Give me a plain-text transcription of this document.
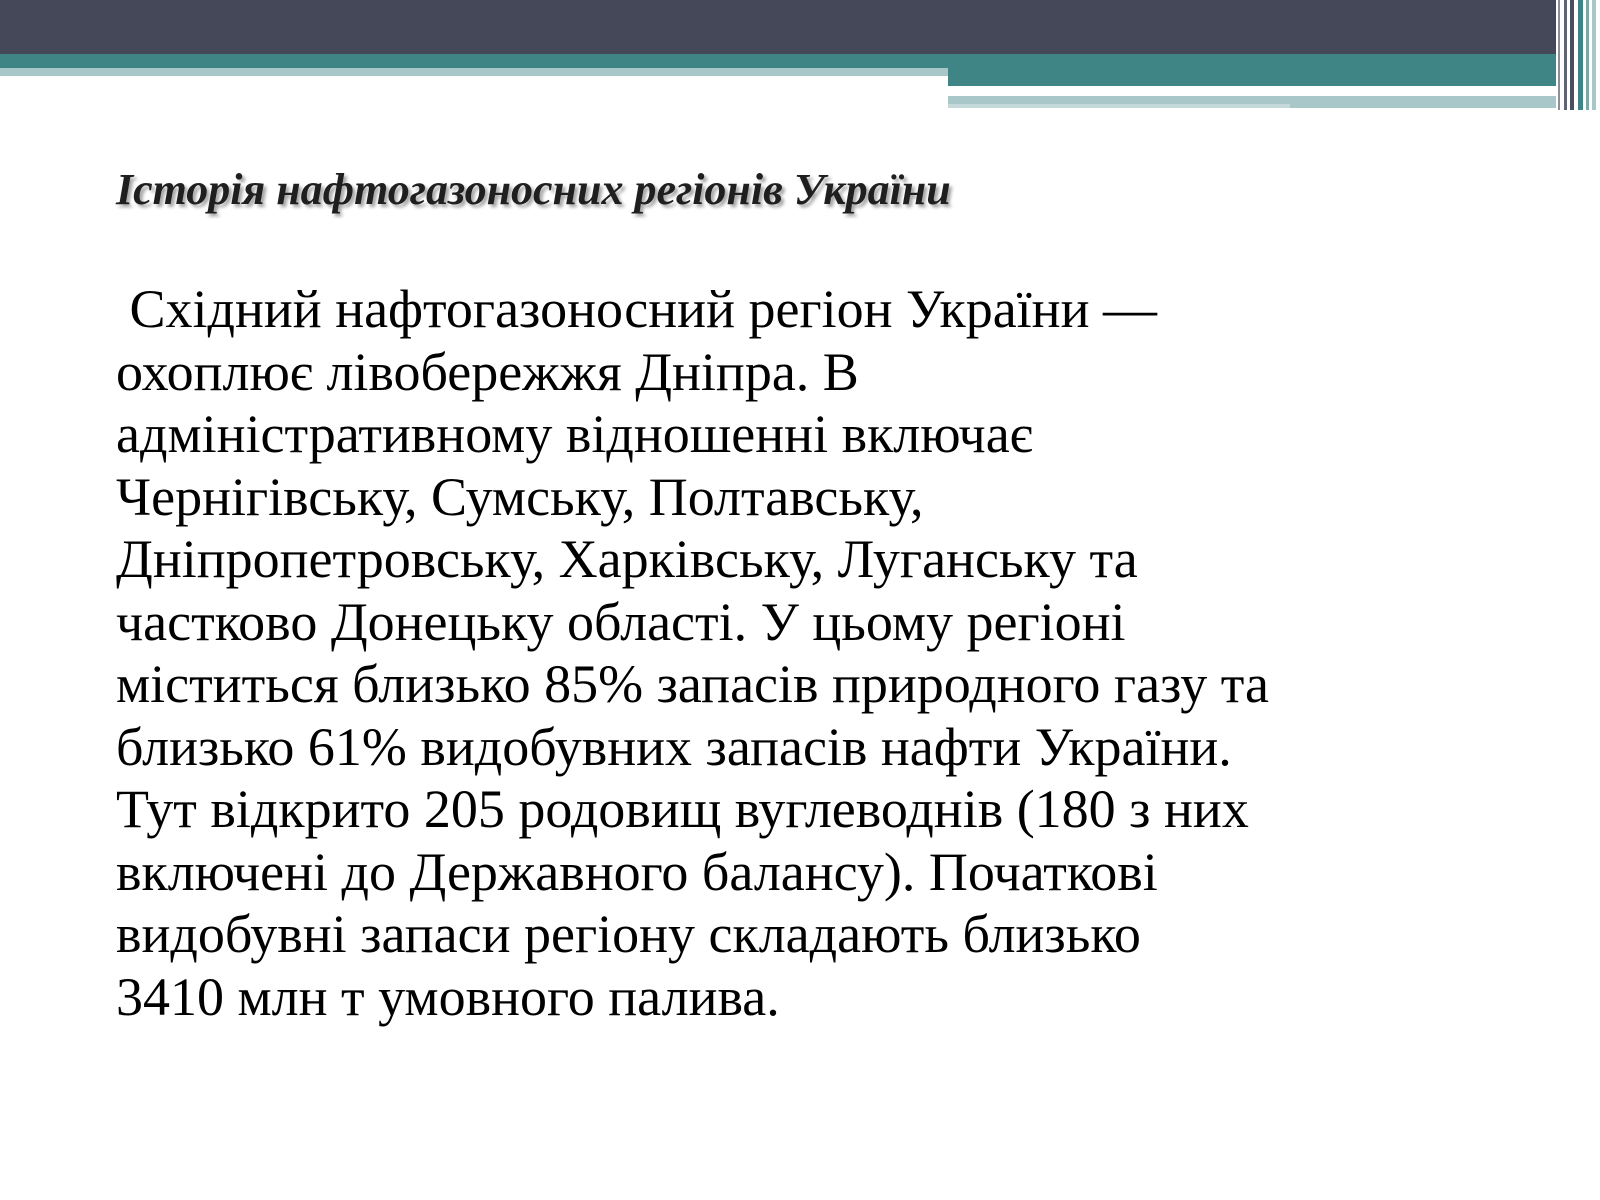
Історія нафтогазоносних регіонів України
Східний нафтогазоносний регіон України —
охоплює лівобережжя Дніпра. В
адміністративному відношенні включає
Чернігівську, Сумську, Полтавську,
Дніпропетровську, Харківську, Луганську та
частково Донецьку області. У цьому регіоні
міститься близько 85% запасів природного газу та
близько 61% видобувних запасів нафти України.
Тут відкрито 205 родовищ вуглеводнів (180 з них
включені до Державного балансу). Початкові
видобувні запаси регіону складають близько
3410 млн т умовного палива.
